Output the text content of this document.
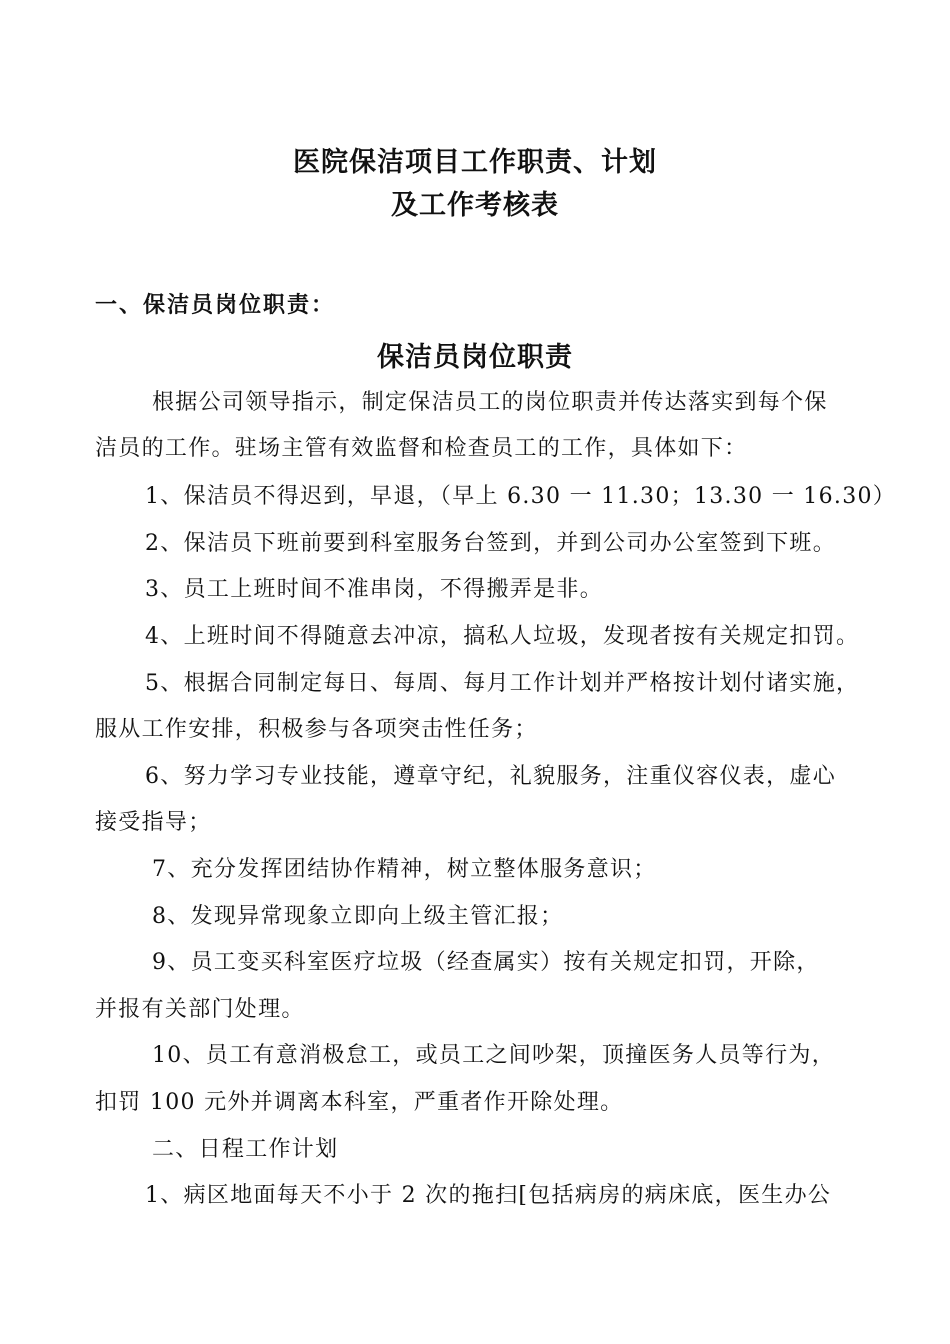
医院保洁项目工作职责、计划
及工作考核表
一、保洁员岗位职责：
保洁员岗位职责
根据公司领导指示，制定保洁员工的岗位职责并传达落实到每个保
洁员的工作。驻场主管有效监督和检查员工的工作，具体如下：
1、保洁员不得迟到，早退，（早上 6.30 一 11.30；13.30 一 16.30）
2、保洁员下班前要到科室服务台签到，并到公司办公室签到下班。
3、员工上班时间不准串岗，不得搬弄是非。
4、上班时间不得随意去冲凉，搞私人垃圾，发现者按有关规定扣罚。
5、根据合同制定每日、每周、每月工作计划并严格按计划付诸实施，
服从工作安排，积极参与各项突击性任务；
6、努力学习专业技能，遵章守纪，礼貌服务，注重仪容仪表，虚心
接受指导；
7、充分发挥团结协作精神，树立整体服务意识；
8、发现异常现象立即向上级主管汇报；
9、员工变买科室医疗垃圾（经查属实）按有关规定扣罚，开除，
并报有关部门处理。
10、员工有意消极怠工，或员工之间吵架，顶撞医务人员等行为，
扣罚 100 元外并调离本科室，严重者作开除处理。
二、日程工作计划
1、病区地面每天不小于 2 次的拖扫[包括病房的病床底，医生办公
